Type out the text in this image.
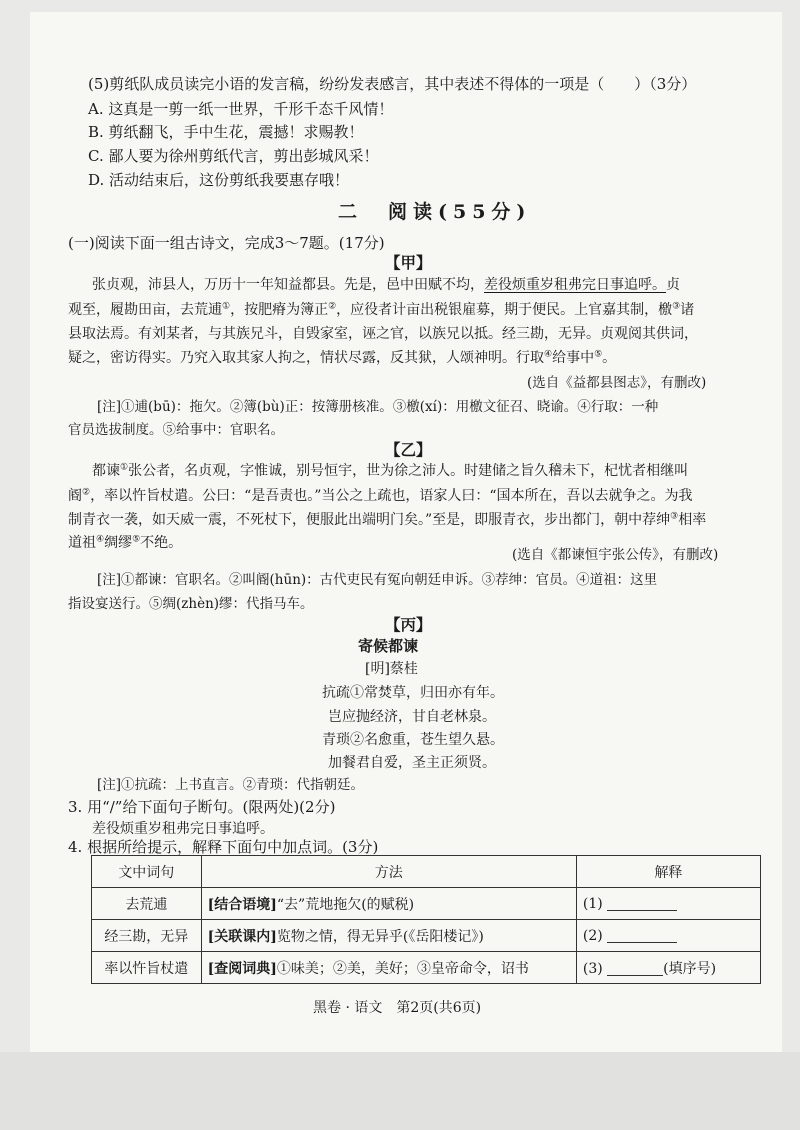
(5)剪纸队成员读完小语的发言稿，纷纷发表感言，其中表述不得体的一项是（　　）（3分）
A. 这真是一剪一纸一世界，千形千态千风情！
B. 剪纸翻飞，手中生花，震撼！求赐教！
C. 鄙人要为徐州剪纸代言，剪出彭城风采！
D. 活动结束后，这份剪纸我要惠存哦！
二　阅读(55分)
(一)阅读下面一组古诗文，完成3～7题。(17分)
【甲】
张贞观，沛县人，万历十一年知益都县。先是，邑中田赋不均，差役烦重岁租弗完日事追呼。贞
观至，履勘田亩，去荒逋①，按肥瘠为簿正②，应役者计亩出税银雇募，期于便民。上官嘉其制，檄③诸
县取法焉。有刘某者，与其族兄斗，自毁家室，诬之官，以族兄以抵。经三勘，无异。贞观阅其供词，
疑之，密访得实。乃究入取其家人拘之，情状尽露，反其狱，人颂神明。行取④给事中⑤。
(选自《益都县图志》，有删改)
[注]①逋(bū)：拖欠。②簿(bù)正：按簿册核准。③檄(xí)：用檄文征召、晓谕。④行取：一种
官员选拔制度。⑤给事中：官职名。
【乙】
都谏①张公者，名贞观，字惟诚，别号恒宇，世为徐之沛人。时建储之旨久稽未下，杞忧者相继叫
阍②，率以忤旨杖遣。公曰：“是吾责也。”当公之上疏也，语家人曰：“国本所在，吾以去就争之。为我
制青衣一袭，如天威一震，不死杖下，便服此出端明门矣。”至是，即服青衣，步出都门，朝中荐绅③相率
道祖④绸缪⑤不绝。
(选自《都谏恒宇张公传》，有删改)
[注]①都谏：官职名。②叫阍(hūn)：古代吏民有冤向朝廷申诉。③荐绅：官员。④道祖：这里
指设宴送行。⑤绸(zhèn)缪：代指马车。
【丙】
寄候都谏
[明]蔡桂
抗疏①常焚草，归田亦有年。
岂应抛经济，甘自老林泉。
青琐②名愈重，苍生望久悬。
加餐君自爱，圣主正须贤。
[注]①抗疏：上书直言。②青琐：代指朝廷。
3. 用“/”给下面句子断句。(限两处)(2分)
差役烦重岁租弗完日事追呼。
4. 根据所给提示，解释下面句中加点词。(3分)
文中词句	方法	解释
去荒逋	[结合语境]“去”荒地拖欠(的赋税)	(1)
经三勘，无异	[关联课内]览物之情，得无异乎(《岳阳楼记》)	(2)
率以忤旨杖遣	[查阅词典]①味美；②美，美好；③皇帝命令，诏书	(3) (填序号)
黑卷 · 语文　第2页(共6页)
